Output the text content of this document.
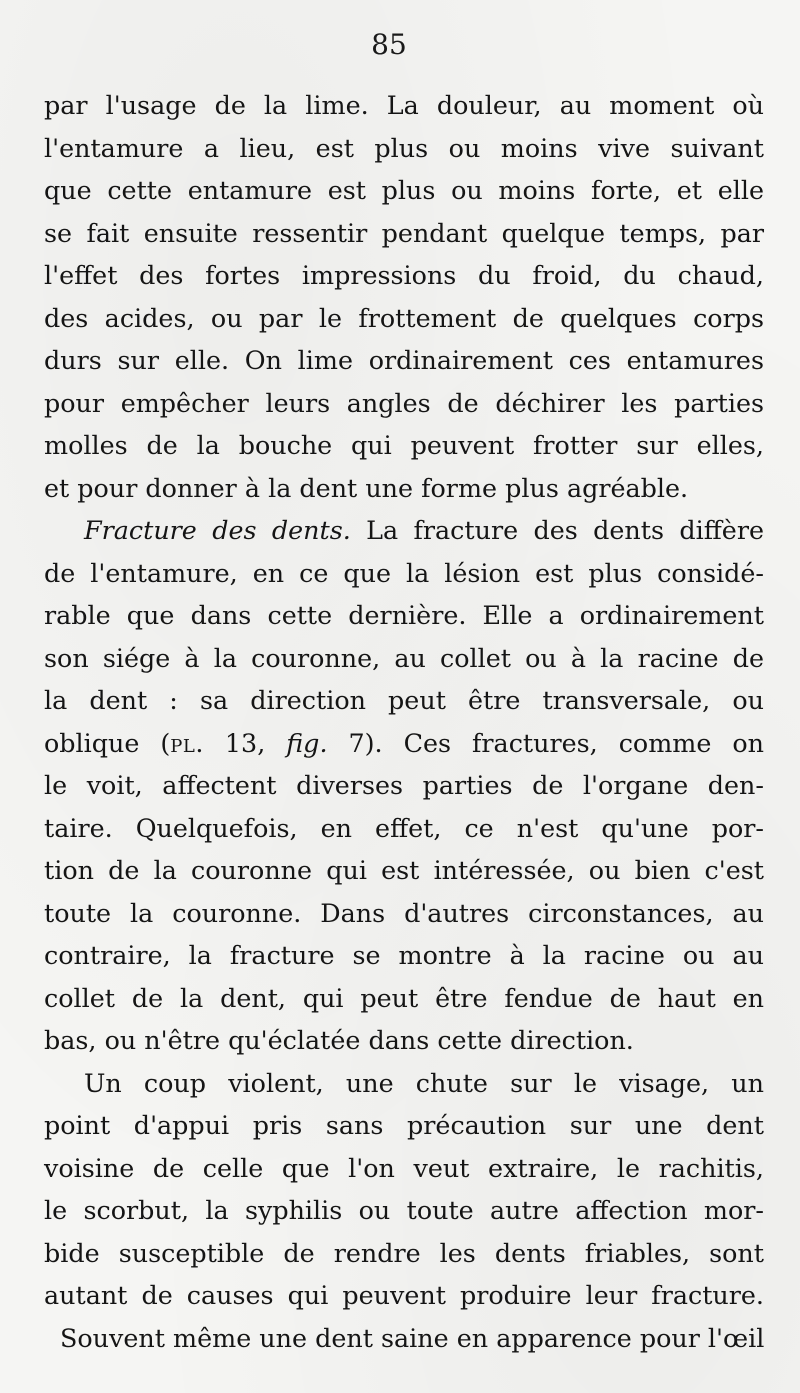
85
par l'usage de la lime. La douleur, au moment où
l'entamure a lieu, est plus ou moins vive suivant
que cette entamure est plus ou moins forte, et elle
se fait ensuite ressentir pendant quelque temps, par
l'effet des fortes impressions du froid, du chaud,
des acides, ou par le frottement de quelques corps
durs sur elle. On lime ordinairement ces entamures
pour empêcher leurs angles de déchirer les parties
molles de la bouche qui peuvent frotter sur elles,
et pour donner à la dent une forme plus agréable.
Fracture des dents. La fracture des dents diffère
de l'entamure, en ce que la lésion est plus considé-
rable que dans cette dernière. Elle a ordinairement
son siége à la couronne, au collet ou à la racine de
la dent : sa direction peut être transversale, ou
oblique (pl. 13, fig. 7). Ces fractures, comme on
le voit, affectent diverses parties de l'organe den-
taire. Quelquefois, en effet, ce n'est qu'une por-
tion de la couronne qui est intéressée, ou bien c'est
toute la couronne. Dans d'autres circonstances, au
contraire, la fracture se montre à la racine ou au
collet de la dent, qui peut être fendue de haut en
bas, ou n'être qu'éclatée dans cette direction.
Un coup violent, une chute sur le visage, un
point d'appui pris sans précaution sur une dent
voisine de celle que l'on veut extraire, le rachitis,
le scorbut, la syphilis ou toute autre affection mor-
bide susceptible de rendre les dents friables, sont
autant de causes qui peuvent produire leur fracture.
Souvent même une dent saine en apparence pour l'œil
